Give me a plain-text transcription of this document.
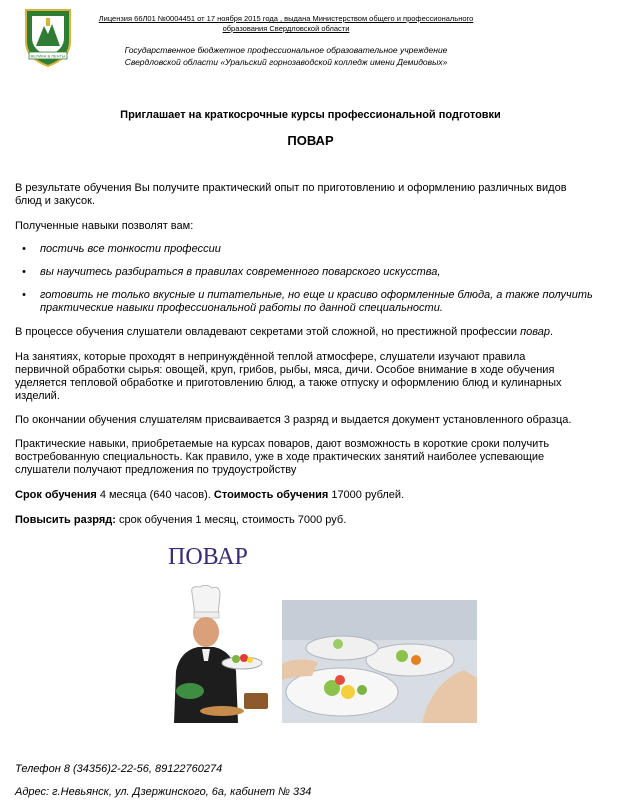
ВЕЛИКА В ЛЕНТЫ
Лицензия 66Л01 №0004451 от 17 ноября 2015 года , выдана Министерством общего и профессионального
образования Свердловской области
Государственное бюджетное профессиональное образовательное учреждение
Свердловской области «Уральский горнозаводской колледж имени Демидовых»
Приглашает на краткосрочные курсы профессиональной подготовки
ПОВАР
В результате обучения Вы получите практический опыт по приготовлению и оформлению различных видов
блюд и закусок.
Полученные навыки позволят вам:
• постичь все тонкости профессии
• вы научитесь разбираться в правилах современного поварского искусства,
• готовить не только вкусные и питательные, но еще и красиво оформленные блюда, а также получить
практические навыки профессиональной работы по данной специальности.
В процессе обучения слушатели овладевают секретами этой сложной, но престижной профессии повар.
На занятиях, которые проходят в непринуждённой теплой атмосфере, слушатели изучают правила
первичной обработки сырья: овощей, круп, грибов, рыбы, мяса, дичи. Особое внимание в ходе обучения
уделяется тепловой обработке и приготовлению блюд, а также отпуску и оформлению блюд и кулинарных
изделий.
По окончании обучения слушателям присваивается 3 разряд и выдается документ установленного образца.
Практические навыки, приобретаемые на курсах поваров, дают возможность в короткие сроки получить
востребованную специальность. Как правило, уже в ходе практических занятий наиболее успевающие
слушатели получают предложения по трудоустройству
Срок обучения 4 месяца (640 часов). Стоимость обучения 17000 рублей.
Повысить разряд: срок обучения 1 месяц, стоимость 7000 руб.
ПОВАР
Телефон 8 (34356)2-22-56, 89122760274
Адрес: г.Невьянск, ул. Дзержинского, 6а, кабинет № 334
